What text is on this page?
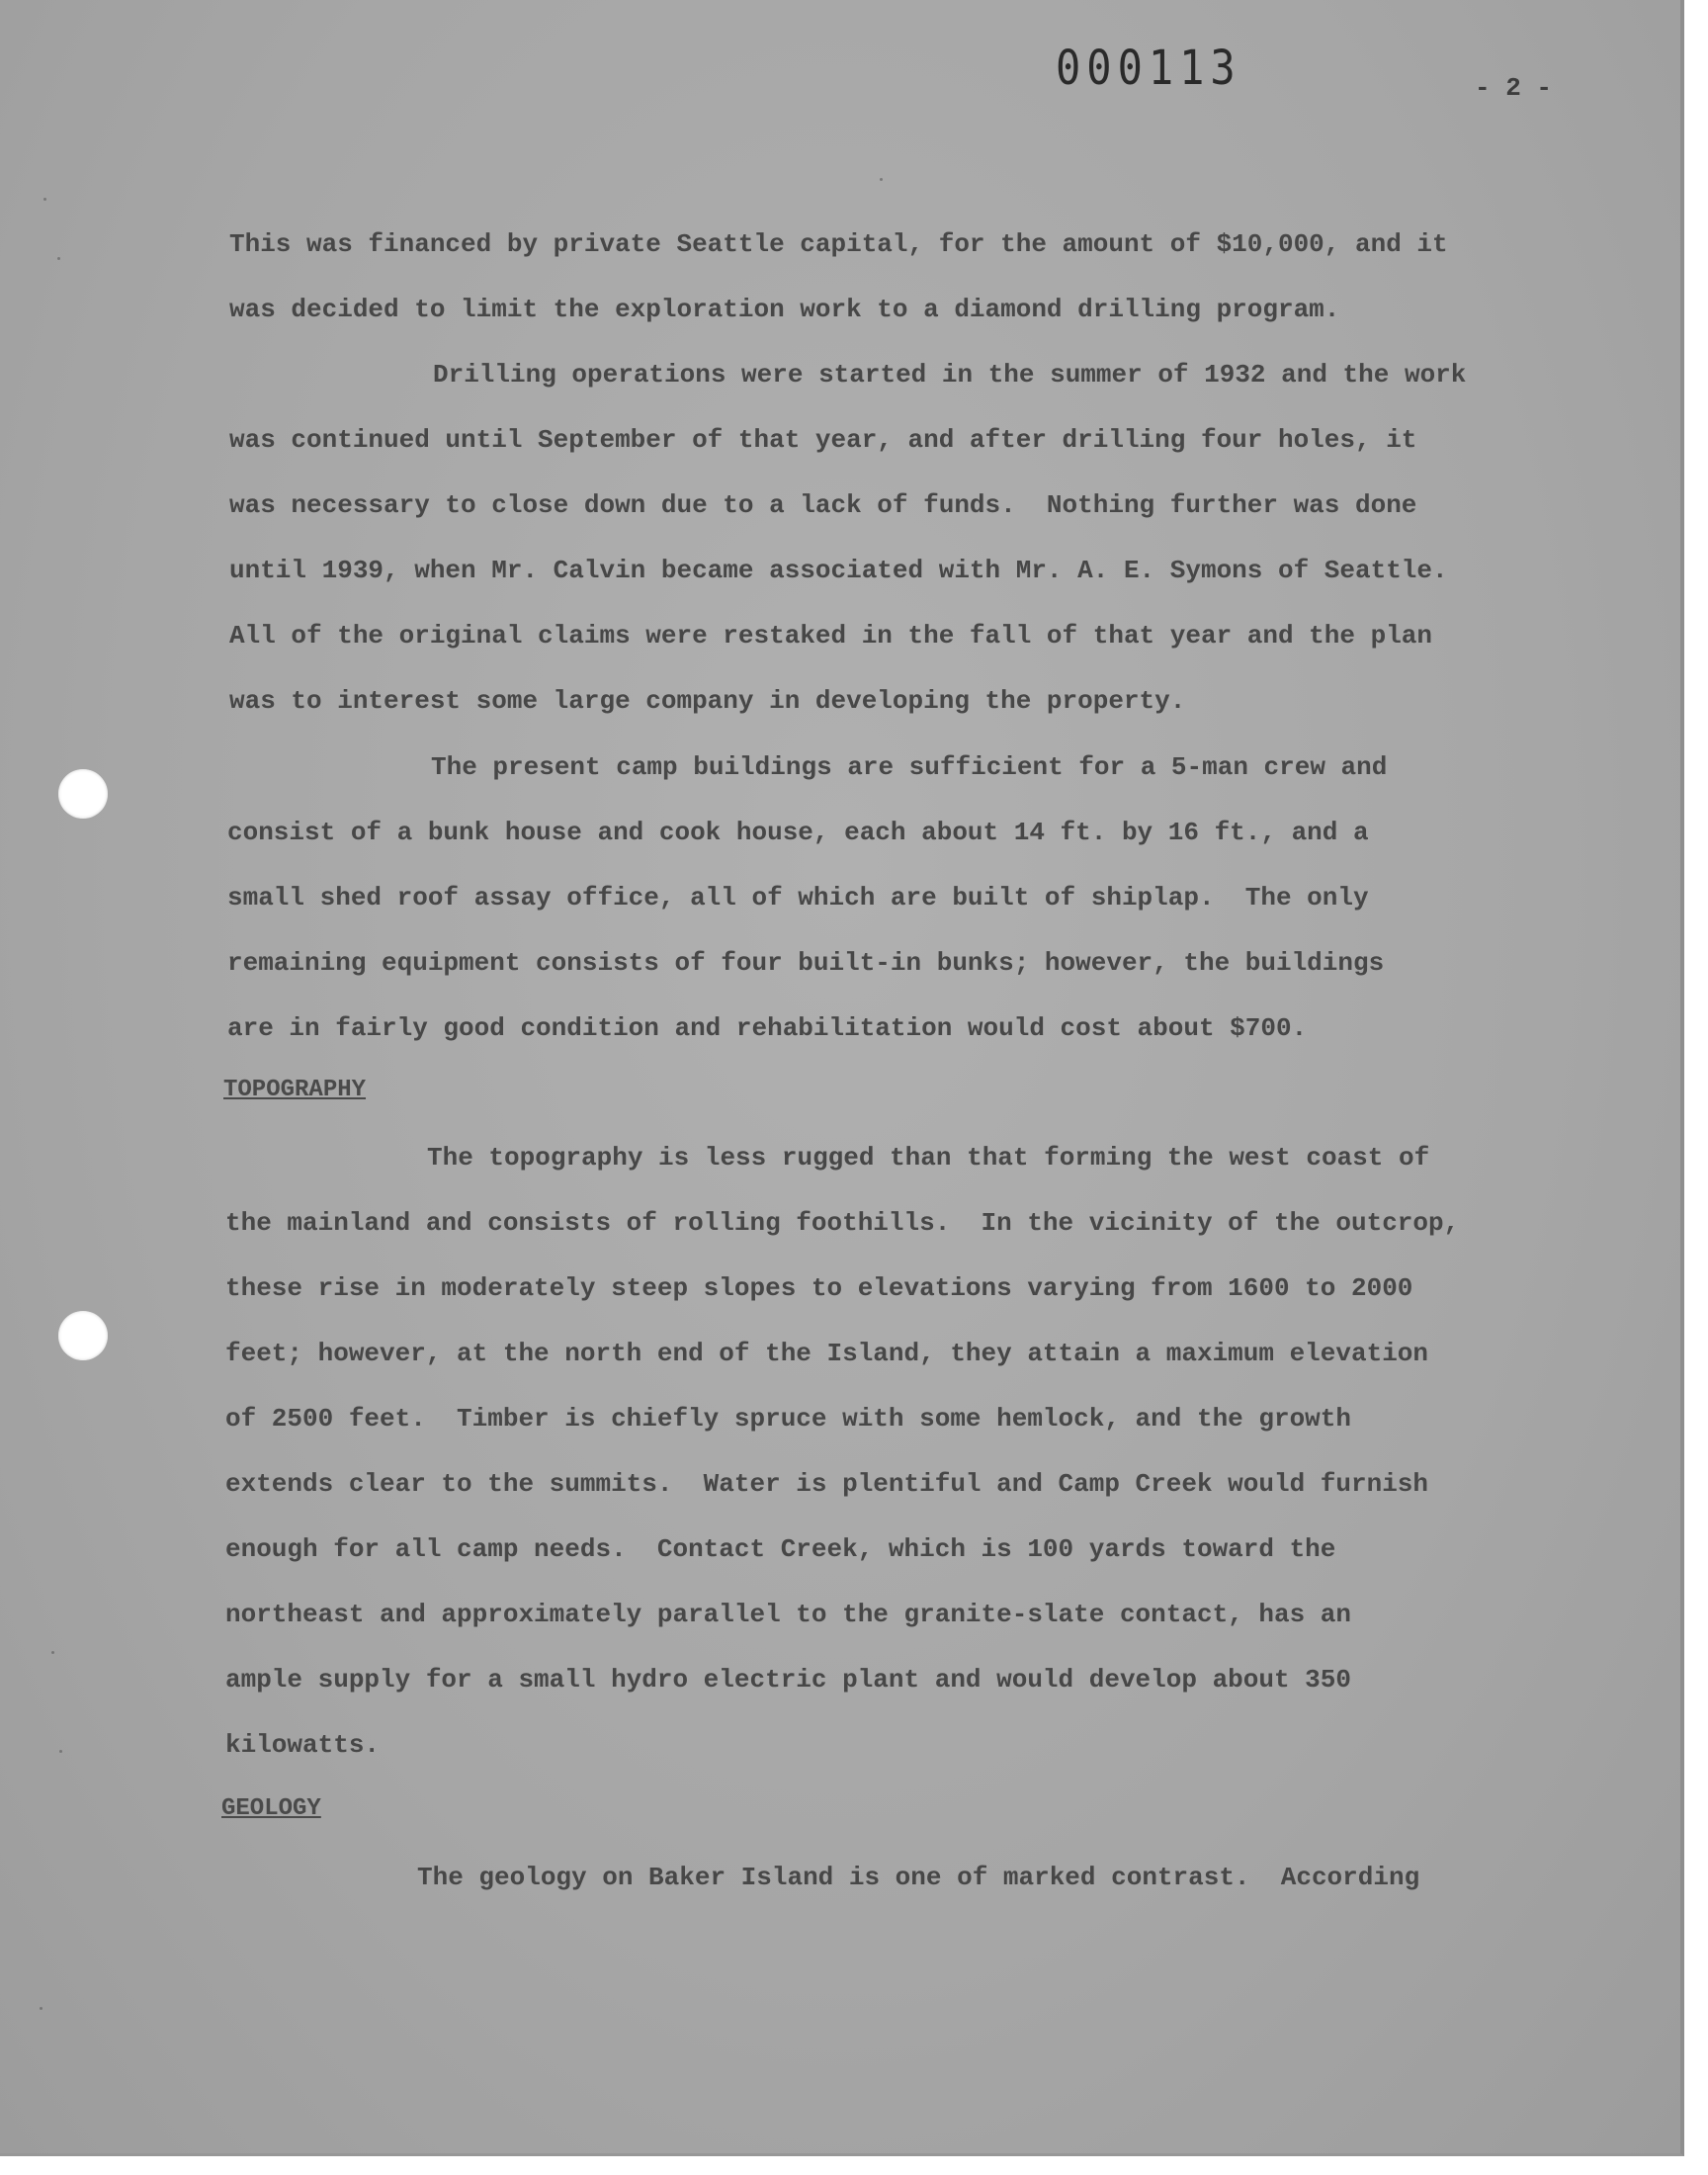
000113	- 2 -
This was financed by private Seattle capital, for the amount of $10,000, and it
was decided to limit the exploration work to a diamond drilling program.
Drilling operations were started in the summer of 1932 and the work
was continued until September of that year, and after drilling four holes, it
was necessary to close down due to a lack of funds.  Nothing further was done
until 1939, when Mr. Calvin became associated with Mr. A. E. Symons of Seattle.
All of the original claims were restaked in the fall of that year and the plan
was to interest some large company in developing the property.
The present camp buildings are sufficient for a 5-man crew and
consist of a bunk house and cook house, each about 14 ft. by 16 ft., and a
small shed roof assay office, all of which are built of shiplap.  The only
remaining equipment consists of four built-in bunks; however, the buildings
are in fairly good condition and rehabilitation would cost about $700.
TOPOGRAPHY
The topography is less rugged than that forming the west coast of
the mainland and consists of rolling foothills.  In the vicinity of the outcrop,
these rise in moderately steep slopes to elevations varying from 1600 to 2000
feet; however, at the north end of the Island, they attain a maximum elevation
of 2500 feet.  Timber is chiefly spruce with some hemlock, and the growth
extends clear to the summits.  Water is plentiful and Camp Creek would furnish
enough for all camp needs.  Contact Creek, which is 100 yards toward the
northeast and approximately parallel to the granite-slate contact, has an
ample supply for a small hydro electric plant and would develop about 350
kilowatts.
GEOLOGY
The geology on Baker Island is one of marked contrast.  According
